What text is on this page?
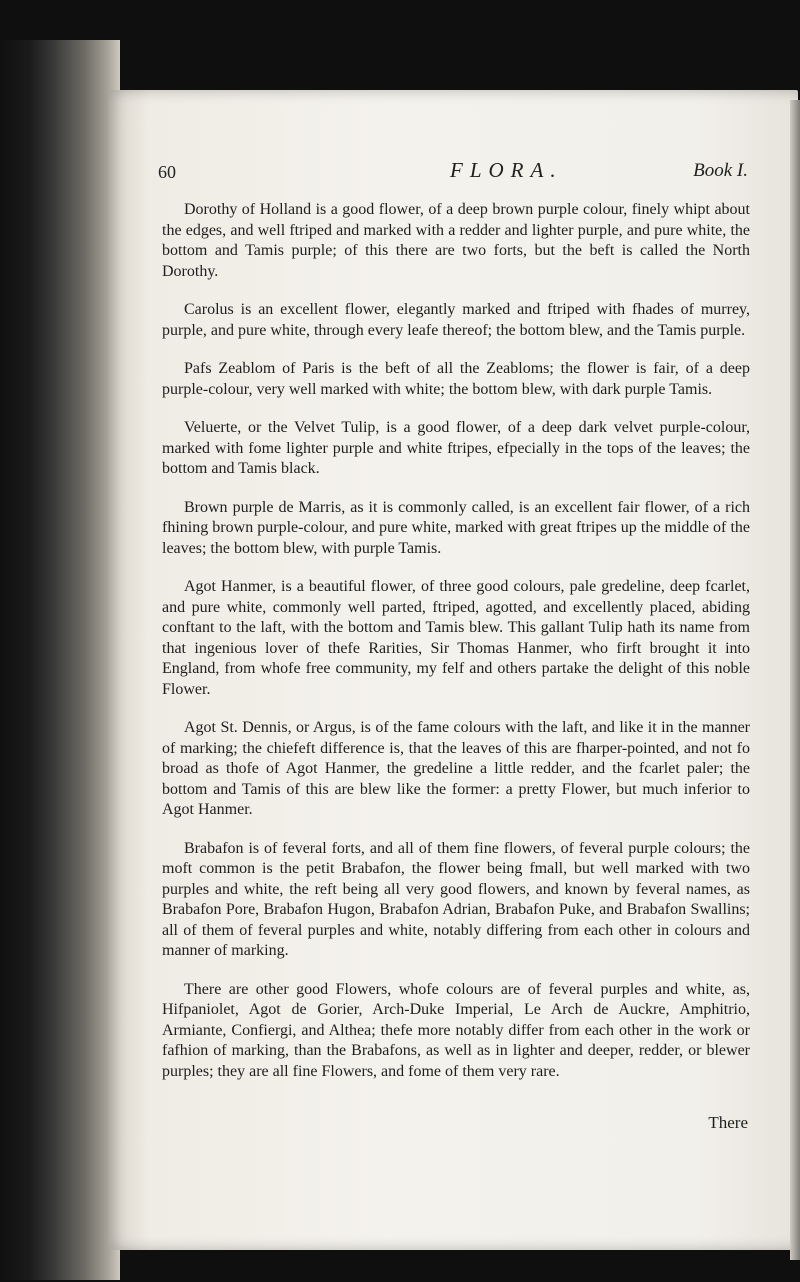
60	FLORA.	Book I.

Dorothy of Holland is a good flower, of a deep brown purple colour, finely whipt about the edges, and well ftriped and marked with a redder and lighter purple, and pure white, the bottom and Tamis purple; of this there are two forts, but the beft is called the North Dorothy.

Carolus is an excellent flower, elegantly marked and ftriped with fhades of murrey, purple, and pure white, through every leafe thereof; the bottom blew, and the Tamis purple.

Pafs Zeablom of Paris is the beft of all the Zeabloms; the flower is fair, of a deep purple-colour, very well marked with white; the bottom blew, with dark purple Tamis.

Veluerte, or the Velvet Tulip, is a good flower, of a deep dark velvet purple-colour, marked with fome lighter purple and white ftripes, efpecially in the tops of the leaves; the bottom and Tamis black.

Brown purple de Marris, as it is commonly called, is an excellent fair flower, of a rich fhining brown purple-colour, and pure white, marked with great ftripes up the middle of the leaves; the bottom blew, with purple Tamis.

Agot Hanmer, is a beautiful flower, of three good colours, pale gredeline, deep fcarlet, and pure white, commonly well parted, ftriped, agotted, and excellently placed, abiding conftant to the laft, with the bottom and Tamis blew. This gallant Tulip hath its name from that ingenious lover of thefe Rarities, Sir Thomas Hanmer, who firft brought it into England, from whofe free community, my felf and others partake the delight of this noble Flower.

Agot St. Dennis, or Argus, is of the fame colours with the laft, and like it in the manner of marking; the chiefeft difference is, that the leaves of this are fharper-pointed, and not fo broad as thofe of Agot Hanmer, the gredeline a little redder, and the fcarlet paler; the bottom and Tamis of this are blew like the former: a pretty Flower, but much inferior to Agot Hanmer.

Brabafon is of feveral forts, and all of them fine flowers, of feveral purple colours; the moft common is the petit Brabafon, the flower being fmall, but well marked with two purples and white, the reft being all very good flowers, and known by feveral names, as Brabafon Pore, Brabafon Hugon, Brabafon Adrian, Brabafon Puke, and Brabafon Swallins; all of them of feveral purples and white, notably differing from each other in colours and manner of marking.

There are other good Flowers, whofe colours are of feveral purples and white, as, Hifpaniolet, Agot de Gorier, Arch-Duke Imperial, Le Arch de Auckre, Amphitrio, Armiante, Confiergi, and Althea; thefe more notably differ from each other in the work or fafhion of marking, than the Brabafons, as well as in lighter and deeper, redder, or blewer purples; they are all fine Flowers, and fome of them very rare.

There
